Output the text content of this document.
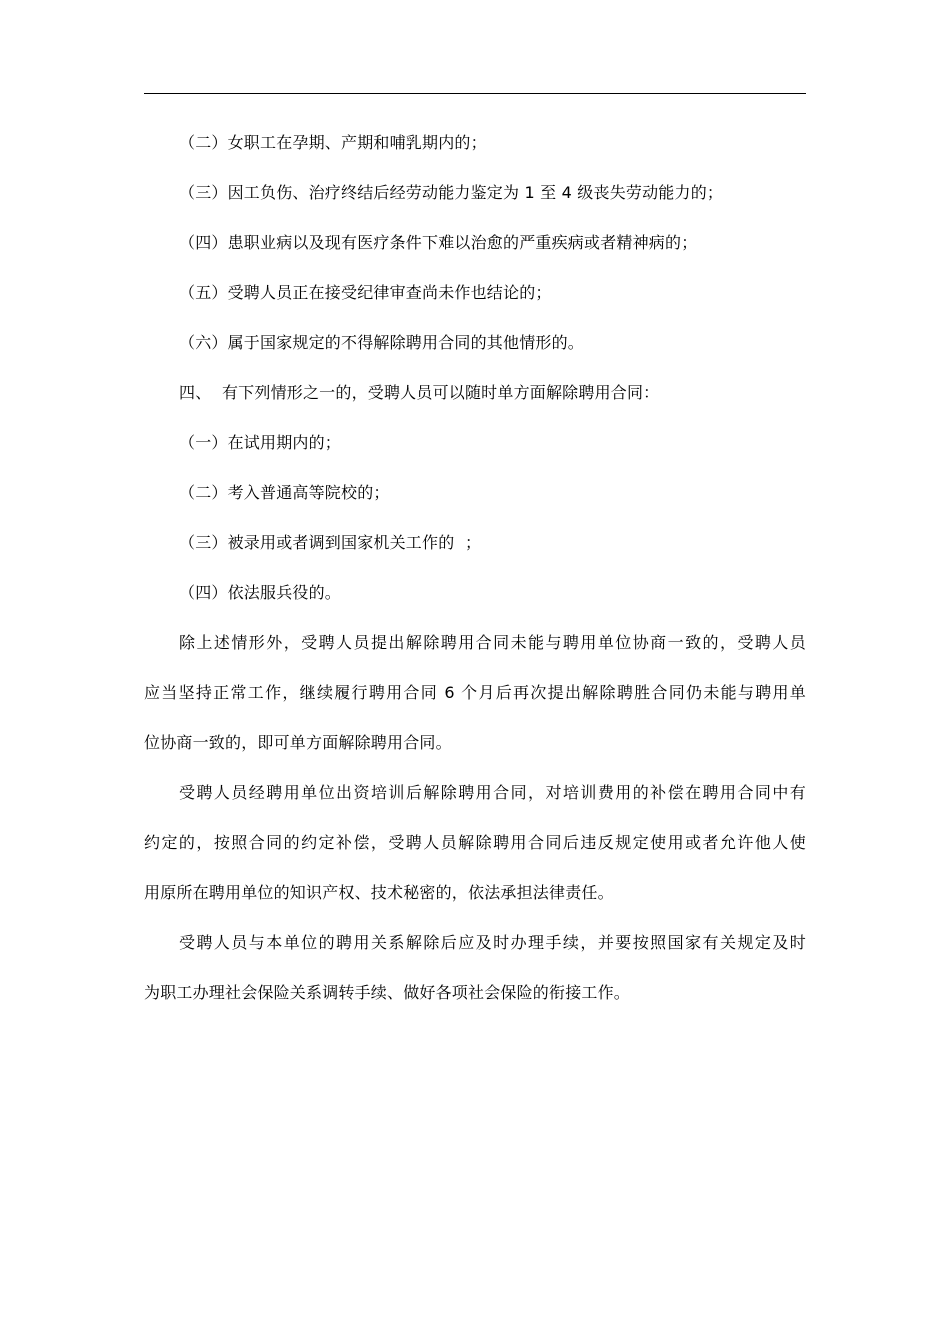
（二）女职工在孕期、产期和哺乳期内的；
（三）因工负伤、治疗终结后经劳动能力鉴定为 1 至 4 级丧失劳动能力的；
（四）患职业病以及现有医疗条件下难以治愈的严重疾病或者精神病的；
（五）受聘人员正在接受纪律审查尚未作也结论的；
（六）属于国家规定的不得解除聘用合同的其他情形的。
四、  有下列情形之一的，受聘人员可以随时单方面解除聘用合同：
（一）在试用期内的；
（二）考入普通高等院校的；
（三）被录用或者调到国家机关工作的  ；
（四）依法服兵役的。
除上述情形外，受聘人员提出解除聘用合同未能与聘用单位协商一致的，受聘人员
应当坚持正常工作，继续履行聘用合同 6 个月后再次提出解除聘胜合同仍未能与聘用单
位协商一致的，即可单方面解除聘用合同。
受聘人员经聘用单位出资培训后解除聘用合同，对培训费用的补偿在聘用合同中有
约定的，按照合同的约定补偿，受聘人员解除聘用合同后违反规定使用或者允许他人使
用原所在聘用单位的知识产权、技术秘密的，依法承担法律责任。
受聘人员与本单位的聘用关系解除后应及时办理手续，并要按照国家有关规定及时
为职工办理社会保险关系调转手续、做好各项社会保险的衔接工作。
